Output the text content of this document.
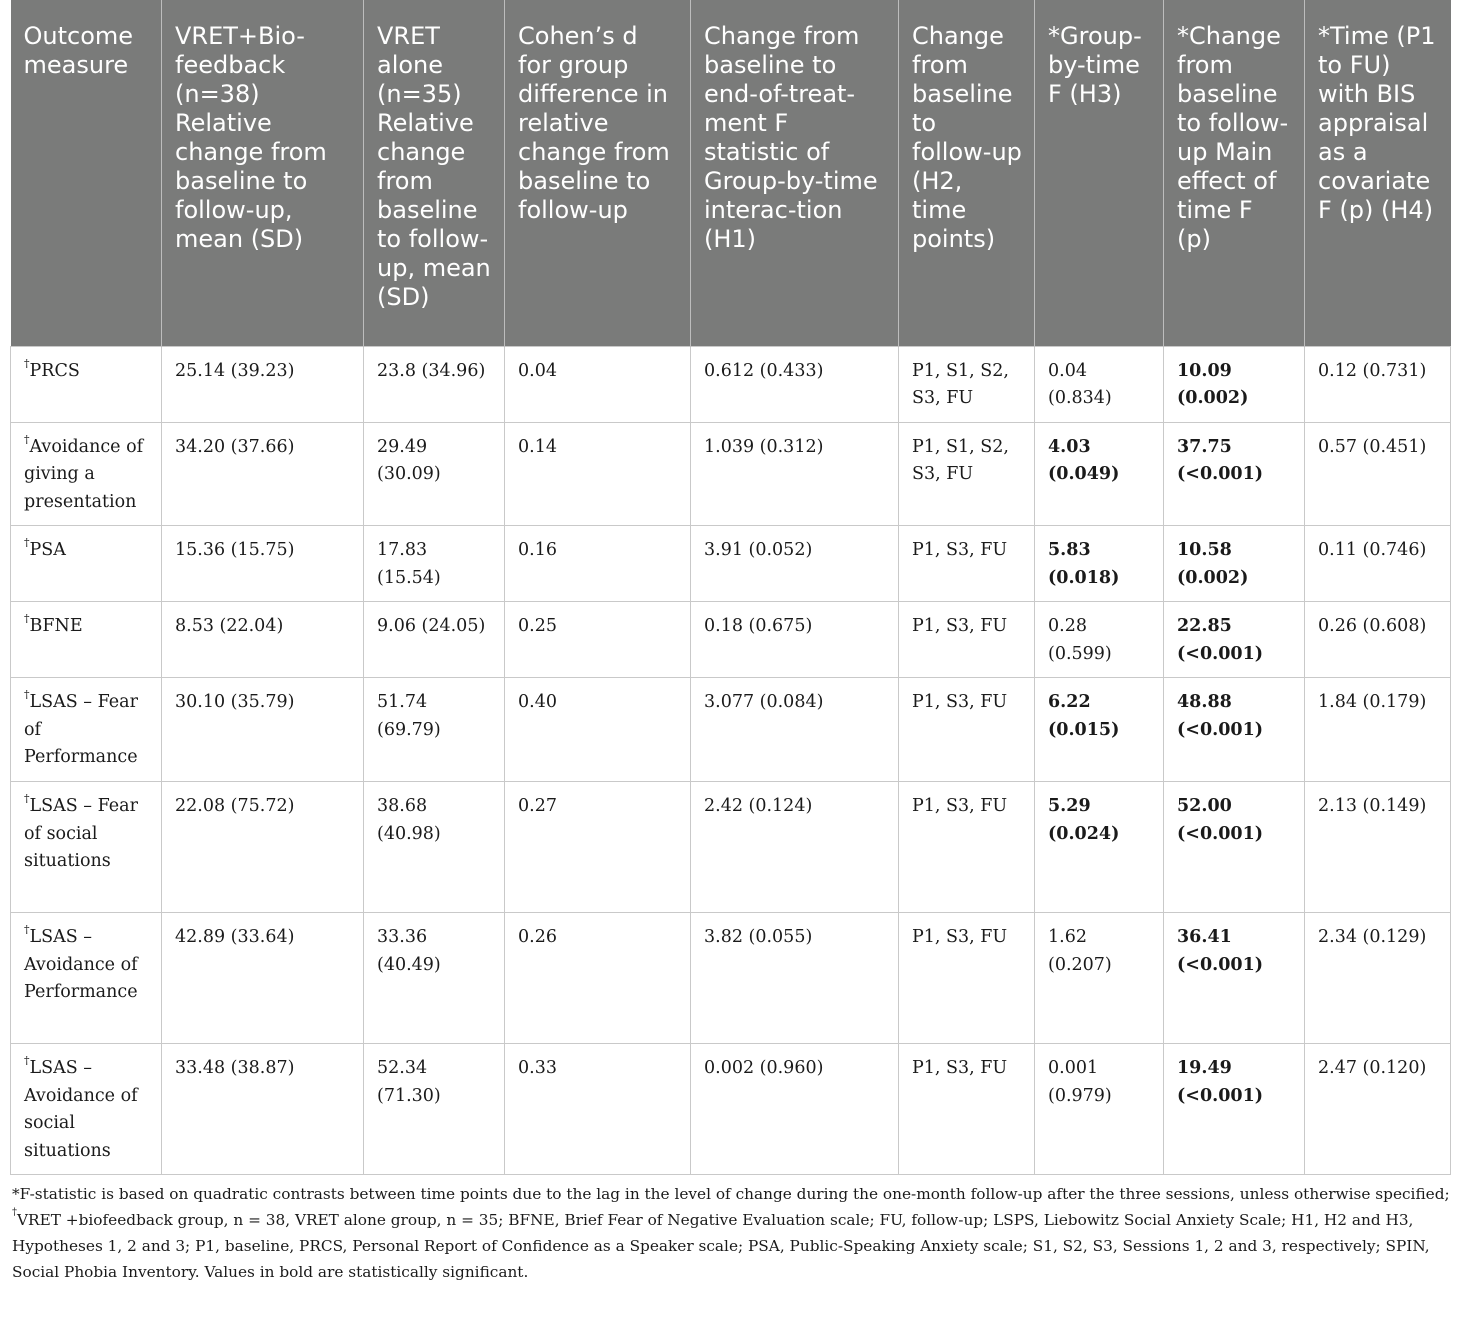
Outcome measure	VRET+Bio-feedback (n=38) Relative change from baseline to follow-up, mean (SD)	VRET alone (n=35) Relative change from baseline to follow-up, mean (SD)	Cohen’s d for group difference in relative change from baseline to follow-up	Change from baseline to end-of-treat-ment F statistic of Group-by-time interac-tion (H1)	Change from baseline to follow-up (H2, time points)	*Group-by-time F (H3)	*Change from baseline to follow-up Main effect of time F (p)	*Time (P1 to FU) with BIS appraisal as a covariate F (p) (H4)
†PRCS	25.14 (39.23)	23.8 (34.96)	0.04	0.612 (0.433)	P1, S1, S2, S3, FU	0.04 (0.834)	10.09 (0.002)	0.12 (0.731)
†Avoidance of giving a presentation	34.20 (37.66)	29.49 (30.09)	0.14	1.039 (0.312)	P1, S1, S2, S3, FU	4.03 (0.049)	37.75 (<0.001)	0.57 (0.451)
†PSA	15.36 (15.75)	17.83 (15.54)	0.16	3.91 (0.052)	P1, S3, FU	5.83 (0.018)	10.58 (0.002)	0.11 (0.746)
†BFNE	8.53 (22.04)	9.06 (24.05)	0.25	0.18 (0.675)	P1, S3, FU	0.28 (0.599)	22.85 (<0.001)	0.26 (0.608)
†LSAS – Fear of Performance	30.10 (35.79)	51.74 (69.79)	0.40	3.077 (0.084)	P1, S3, FU	6.22 (0.015)	48.88 (<0.001)	1.84 (0.179)
†LSAS – Fear of social situations	22.08 (75.72)	38.68 (40.98)	0.27	2.42 (0.124)	P1, S3, FU	5.29 (0.024)	52.00 (<0.001)	2.13 (0.149)
†LSAS – Avoidance of Performance	42.89 (33.64)	33.36 (40.49)	0.26	3.82 (0.055)	P1, S3, FU	1.62 (0.207)	36.41 (<0.001)	2.34 (0.129)
†LSAS – Avoidance of social situations	33.48 (38.87)	52.34 (71.30)	0.33	0.002 (0.960)	P1, S3, FU	0.001 (0.979)	19.49 (<0.001)	2.47 (0.120)
*F-statistic is based on quadratic contrasts between time points due to the lag in the level of change during the one-month follow-up after the three sessions, unless otherwise specified; †VRET +biofeedback group, n = 38, VRET alone group, n = 35; BFNE, Brief Fear of Negative Evaluation scale; FU, follow-up; LSPS, Liebowitz Social Anxiety Scale; H1, H2 and H3, Hypotheses 1, 2 and 3; P1, baseline, PRCS, Personal Report of Confidence as a Speaker scale; PSA, Public-Speaking Anxiety scale; S1, S2, S3, Sessions 1, 2 and 3, respectively; SPIN, Social Phobia Inventory. Values in bold are statistically significant.
